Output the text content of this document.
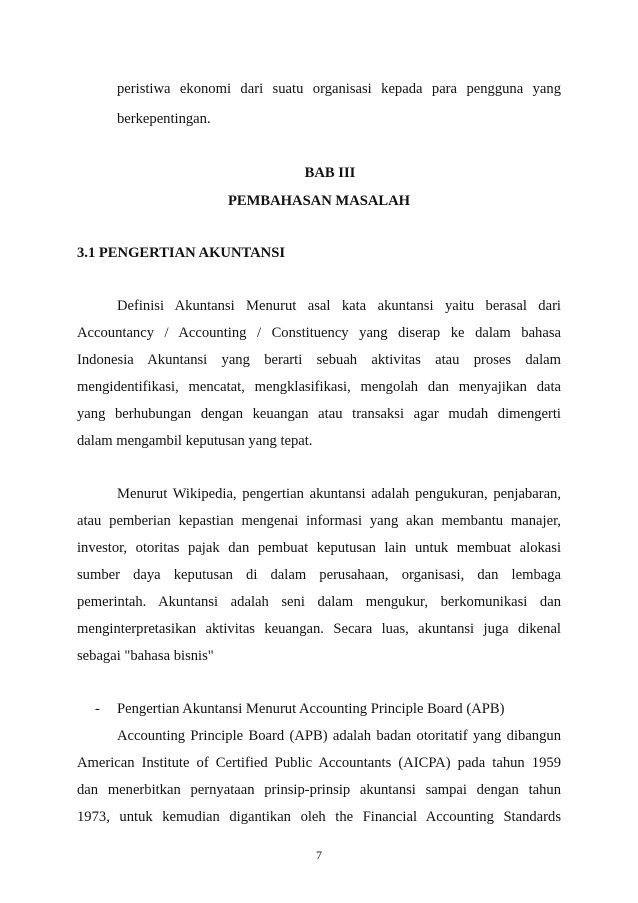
peristiwa ekonomi dari suatu organisasi kepada para pengguna yang
berkepentingan.
BAB III
PEMBAHASAN MASALAH
3.1 PENGERTIAN AKUNTANSI
Definisi Akuntansi Menurut asal kata akuntansi yaitu berasal dari
Accountancy / Accounting / Constituency yang diserap ke dalam bahasa
Indonesia Akuntansi yang berarti sebuah aktivitas atau proses dalam
mengidentifikasi, mencatat, mengklasifikasi, mengolah dan menyajikan data
yang berhubungan dengan keuangan atau transaksi agar mudah dimengerti
dalam mengambil keputusan yang tepat.
Menurut Wikipedia, pengertian akuntansi adalah pengukuran, penjabaran,
atau pemberian kepastian mengenai informasi yang akan membantu manajer,
investor, otoritas pajak dan pembuat keputusan lain untuk membuat alokasi
sumber daya keputusan di dalam perusahaan, organisasi, dan lembaga
pemerintah. Akuntansi adalah seni dalam mengukur, berkomunikasi dan
menginterpretasikan aktivitas keuangan. Secara luas, akuntansi juga dikenal
sebagai "bahasa bisnis"
- Pengertian Akuntansi Menurut Accounting Principle Board (APB)
Accounting Principle Board (APB) adalah badan otoritatif yang dibangun
American Institute of Certified Public Accountants (AICPA) pada tahun 1959
dan menerbitkan pernyataan prinsip-prinsip akuntansi sampai dengan tahun
1973, untuk kemudian digantikan oleh the Financial Accounting Standards
7
